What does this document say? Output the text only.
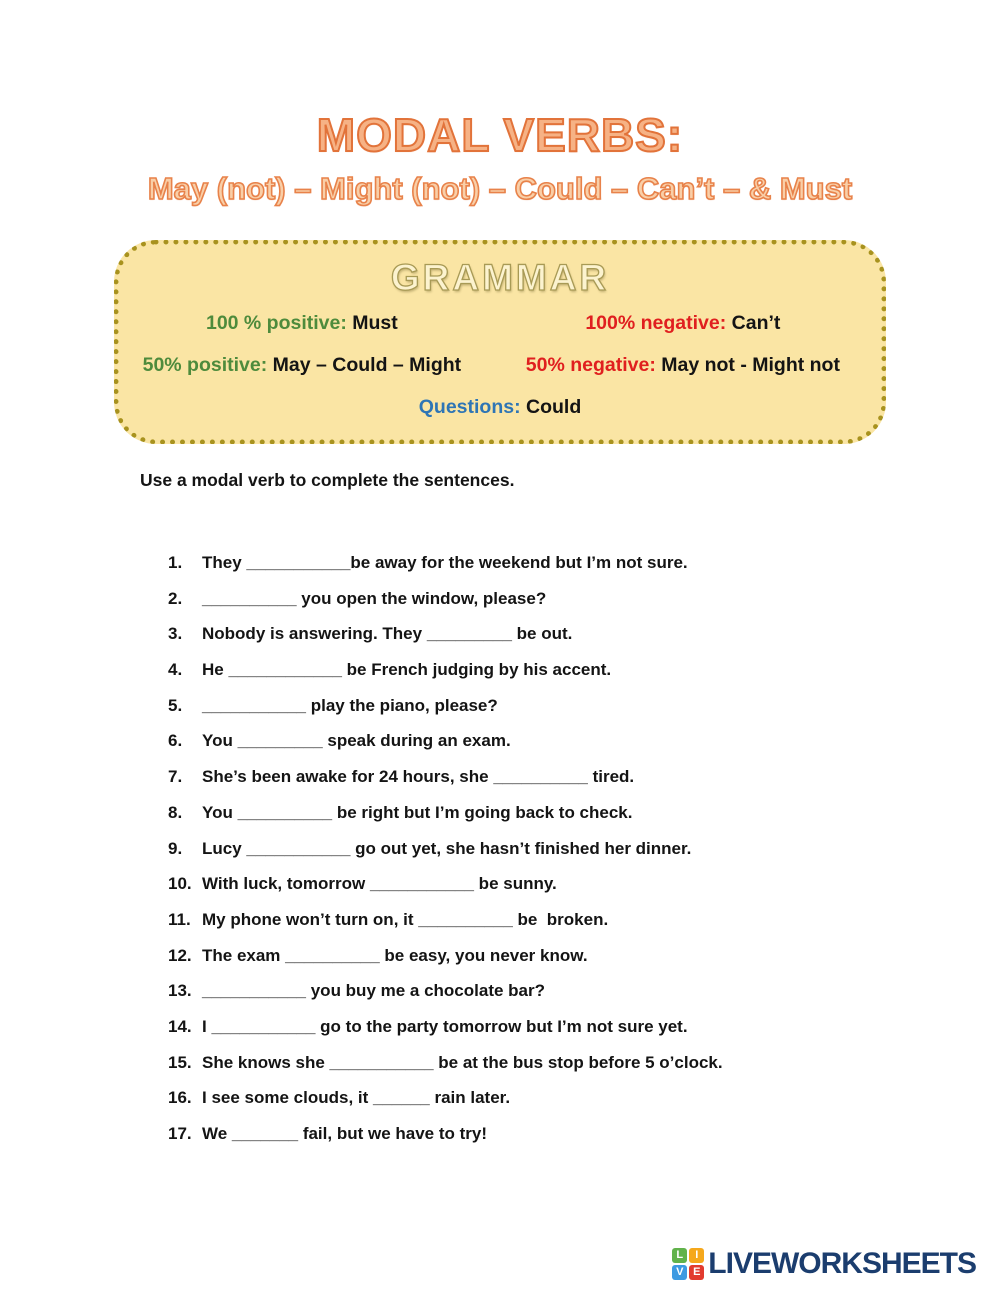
MODAL VERBS:
May (not) – Might (not) – Could – Can’t – & Must
GRAMMAR
100 % positive: Must	100% negative: Can’t
50% positive: May – Could – Might	50% negative: May not - Might not
Questions: Could
Use a modal verb to complete the sentences.
1.	They ___________be away for the weekend but I’m not sure.
2.	__________ you open the window, please?
3.	Nobody is answering. They _________ be out.
4.	He ____________ be French judging by his accent.
5.	___________ play the piano, please?
6.	You _________ speak during an exam.
7.	She’s been awake for 24 hours, she __________ tired.
8.	You __________ be right but I’m going back to check.
9.	Lucy ___________ go out yet, she hasn’t finished her dinner.
10. With luck, tomorrow ___________ be sunny.
11. My phone won’t turn on, it __________ be  broken.
12. The exam __________ be easy, you never know.
13. ___________ you buy me a chocolate bar?
14. I ___________ go to the party tomorrow but I’m not sure yet.
15. She knows she ___________ be at the bus stop before 5 o’clock.
16. I see some clouds, it ______ rain later.
17. We _______ fail, but we have to try!
L	I
V E LIVEWORKSHEETS
